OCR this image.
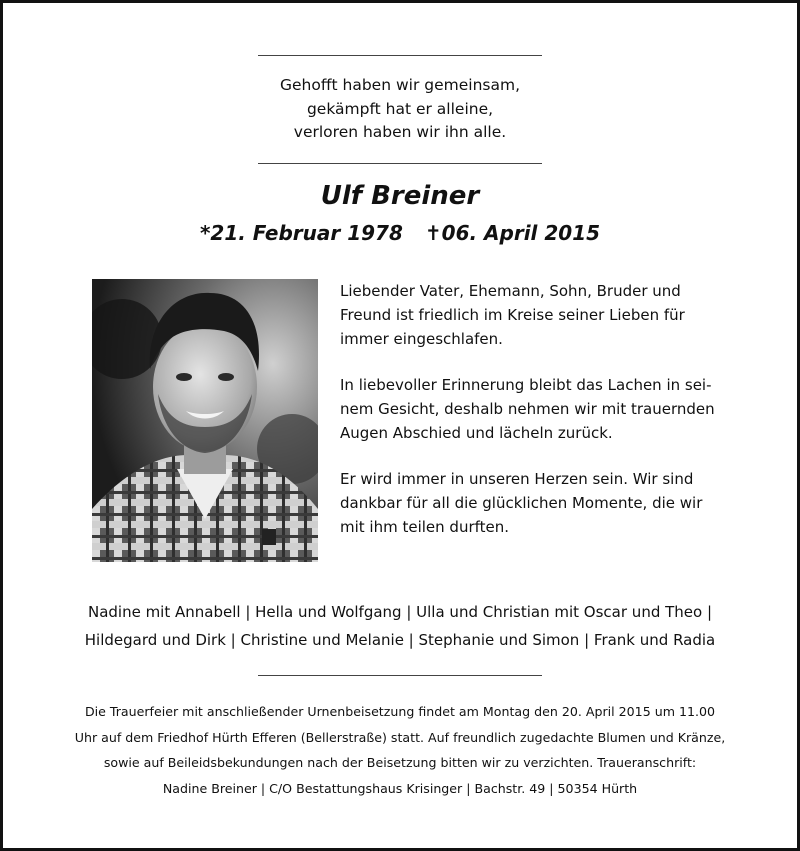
Gehofft haben wir gemeinsam,
gekämpft hat er alleine,
verloren haben wir ihn alle.
Ulf Breiner
*21. Februar 1978 ✝06. April 2015

Liebender Vater, Ehemann, Sohn, Bruder und
Freund ist friedlich im Kreise seiner Lieben für
immer eingeschlafen.

In liebevoller Erinnerung bleibt das Lachen in sei-
nem Gesicht, deshalb nehmen wir mit trauernden
Augen Abschied und lächeln zurück.

Er wird immer in unseren Herzen sein. Wir sind
dankbar für all die glücklichen Momente, die wir
mit ihm teilen durften.

Nadine mit Annabell | Hella und Wolfgang | Ulla und Christian mit Oscar und Theo |
Hildegard und Dirk | Christine und Melanie | Stephanie und Simon | Frank und Radia
Die Trauerfeier mit anschließender Urnenbeisetzung findet am Montag den 20. April 2015 um 11.00
Uhr auf dem Friedhof Hürth Efferen (Bellerstraße) statt. Auf freundlich zugedachte Blumen und Kränze,
sowie auf Beileidsbekundungen nach der Beisetzung bitten wir zu verzichten. Traueranschrift:
Nadine Breiner | C/O Bestattungshaus Krisinger | Bachstr. 49 | 50354 Hürth
